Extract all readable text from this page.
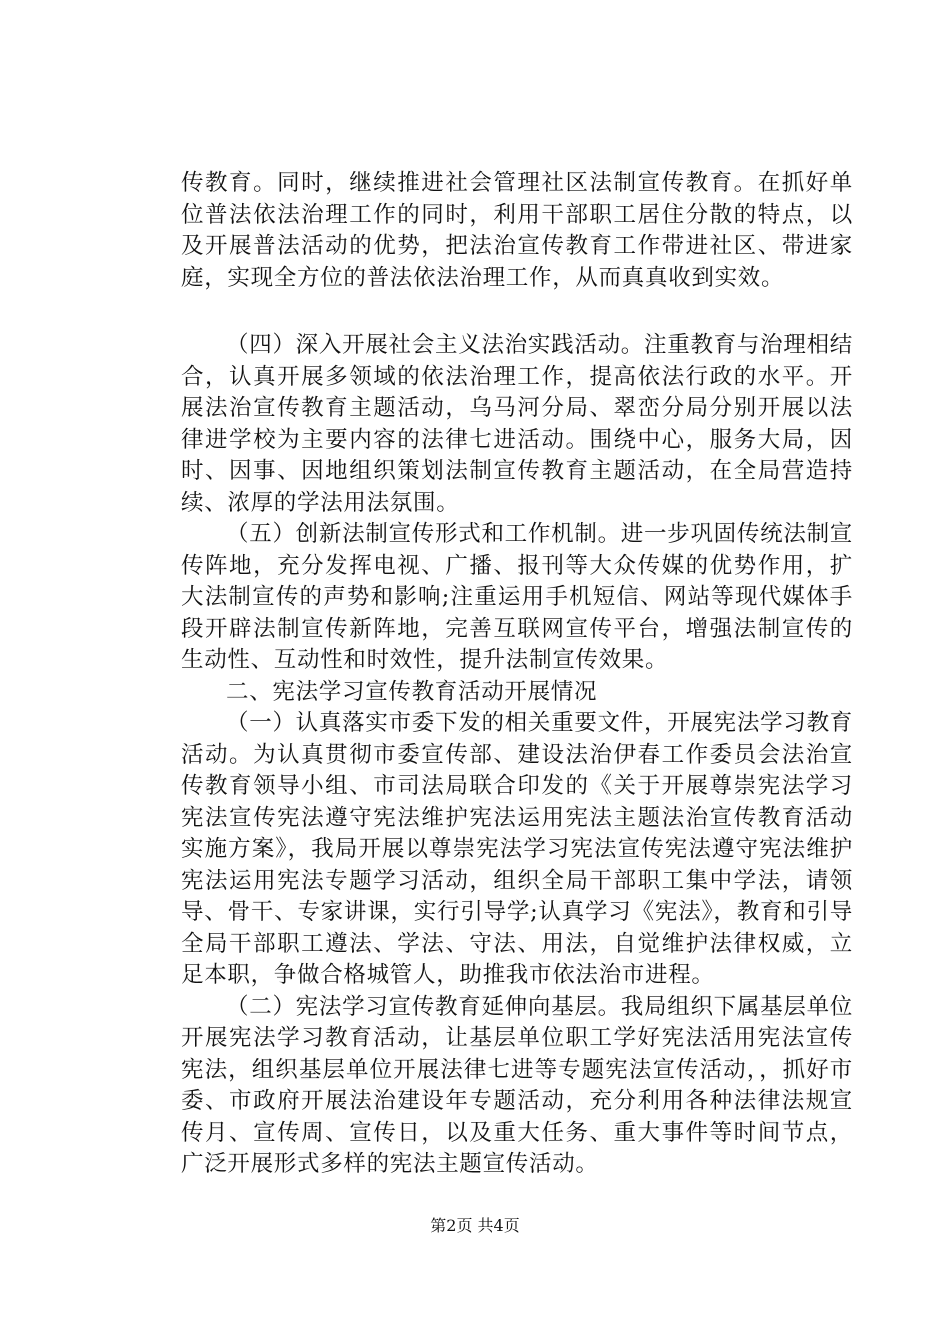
传教育。同时，继续推进社会管理社区法制宣传教育。在抓好单位普法依法治理工作的同时，利用干部职工居住分散的特点，以及开展普法活动的优势，把法治宣传教育工作带进社区、带进家庭，实现全方位的普法依法治理工作，从而真真收到实效。

（四）深入开展社会主义法治实践活动。注重教育与治理相结合，认真开展多领域的依法治理工作，提高依法行政的水平。开展法治宣传教育主题活动，乌马河分局、翠峦分局分别开展以法律进学校为主要内容的法律七进活动。围绕中心，服务大局，因时、因事、因地组织策划法制宣传教育主题活动，在全局营造持续、浓厚的学法用法氛围。

（五）创新法制宣传形式和工作机制。进一步巩固传统法制宣传阵地，充分发挥电视、广播、报刊等大众传媒的优势作用，扩大法制宣传的声势和影响;注重运用手机短信、网站等现代媒体手段开辟法制宣传新阵地，完善互联网宣传平台，增强法制宣传的生动性、互动性和时效性，提升法制宣传效果。

二、宪法学习宣传教育活动开展情况

（一）认真落实市委下发的相关重要文件，开展宪法学习教育活动。为认真贯彻市委宣传部、建设法治伊春工作委员会法治宣传教育领导小组、市司法局联合印发的《关于开展尊崇宪法学习宪法宣传宪法遵守宪法维护宪法运用宪法主题法治宣传教育活动实施方案》，我局开展以尊崇宪法学习宪法宣传宪法遵守宪法维护宪法运用宪法专题学习活动，组织全局干部职工集中学法，请领导、骨干、专家讲课，实行引导学;认真学习《宪法》，教育和引导全局干部职工遵法、学法、守法、用法，自觉维护法律权威，立足本职，争做合格城管人，助推我市依法治市进程。

（二）宪法学习宣传教育延伸向基层。我局组织下属基层单位开展宪法学习教育活动，让基层单位职工学好宪法活用宪法宣传宪法，组织基层单位开展法律七进等专题宪法宣传活动，，抓好市委、市政府开展法治建设年专题活动，充分利用各种法律法规宣传月、宣传周、宣传日，以及重大任务、重大事件等时间节点，广泛开展形式多样的宪法主题宣传活动。

第2页 共4页
